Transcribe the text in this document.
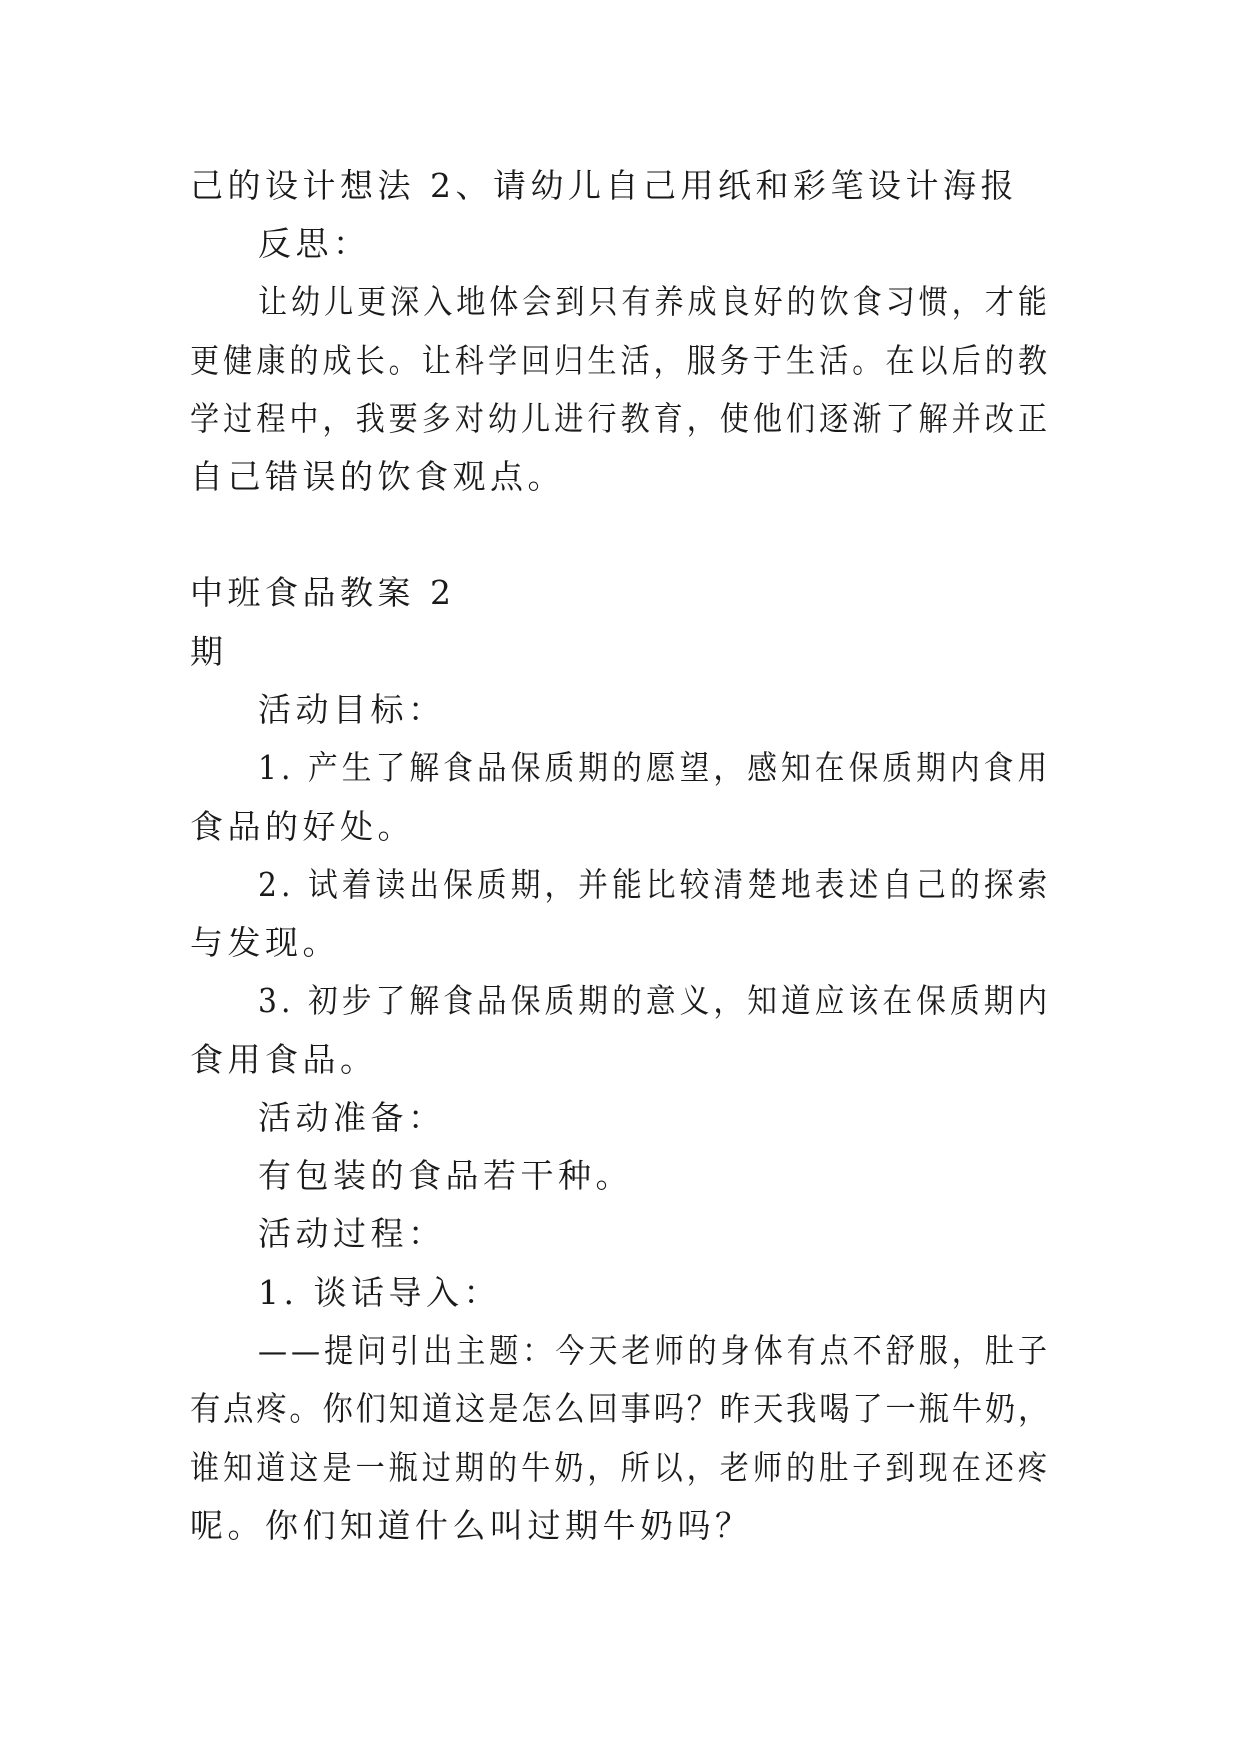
己的设计想法 2、请幼儿自己用纸和彩笔设计海报
反思：
让幼儿更深入地体会到只有养成良好的饮食习惯，才能
更健康的成长。让科学回归生活，服务于生活。在以后的教
学过程中，我要多对幼儿进行教育，使他们逐渐了解并改正
自己错误的饮食观点。
中班食品教案 2
期
活动目标：
1. 产生了解食品保质期的愿望，感知在保质期内食用
食品的好处。
2. 试着读出保质期，并能比较清楚地表述自己的探索
与发现。
3. 初步了解食品保质期的意义，知道应该在保质期内
食用食品。
活动准备：
有包装的食品若干种。
活动过程：
1. 谈话导入：
——提问引出主题：今天老师的身体有点不舒服，肚子
有点疼。你们知道这是怎么回事吗？昨天我喝了一瓶牛奶，
谁知道这是一瓶过期的牛奶，所以，老师的肚子到现在还疼
呢。你们知道什么叫过期牛奶吗？
